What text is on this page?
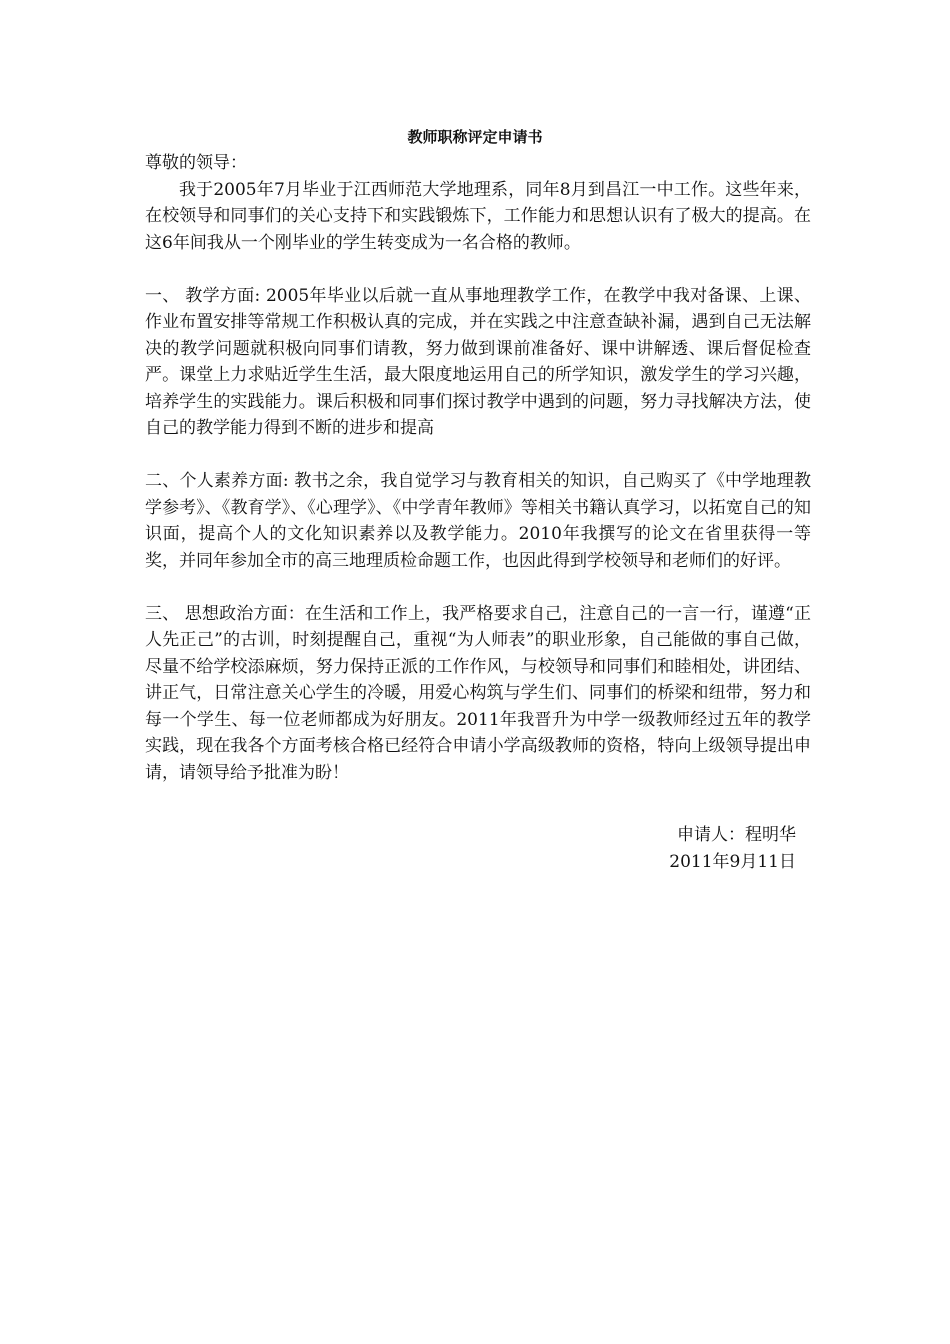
教师职称评定申请书

尊敬的领导：

我于2005年7月毕业于江西师范大学地理系，同年8月到昌江一中工作。这些年来，在校领导和同事们的关心支持下和实践锻炼下，工作能力和思想认识有了极大的提高。在这6年间我从一个刚毕业的学生转变成为一名合格的教师。

一、 教学方面: 2005年毕业以后就一直从事地理教学工作，在教学中我对备课、上课、作业布置安排等常规工作积极认真的完成，并在实践之中注意查缺补漏，遇到自己无法解决的教学问题就积极向同事们请教，努力做到课前准备好、课中讲解透、课后督促检查严。课堂上力求贴近学生生活，最大限度地运用自己的所学知识，激发学生的学习兴趣， 培养学生的实践能力。课后积极和同事们探讨教学中遇到的问题，努力寻找解决方法，使自己的教学能力得到不断的进步和提高

二、个人素养方面: 教书之余，我自觉学习与教育相关的知识，自己购买了《中学地理教学参考》、《教育学》、《心理学》、《中学青年教师》等相关书籍认真学习，以拓宽自己的知识面，提高个人的文化知识素养以及教学能力。2010年我撰写的论文在省里获得一等奖，并同年参加全市的高三地理质检命题工作，也因此得到学校领导和老师们的好评。

三、 思想政治方面：在生活和工作上，我严格要求自己，注意自己的一言一行，谨遵“正人先正己”的古训，时刻提醒自己，重视“为人师表”的职业形象，自己能做的事自己做，尽量不给学校添麻烦，努力保持正派的工作作风，与校领导和同事们和睦相处，讲团结、讲正气，日常注意关心学生的冷暖，用爱心构筑与学生们、同事们的桥梁和纽带，努力和每一个学生、每一位老师都成为好朋友。2011年我晋升为中学一级教师经过五年的教学实践，现在我各个方面考核合格已经符合申请小学高级教师的资格，特向上级领导提出申请，请领导给予批准为盼！

申请人：程明华
2011年9月11日
